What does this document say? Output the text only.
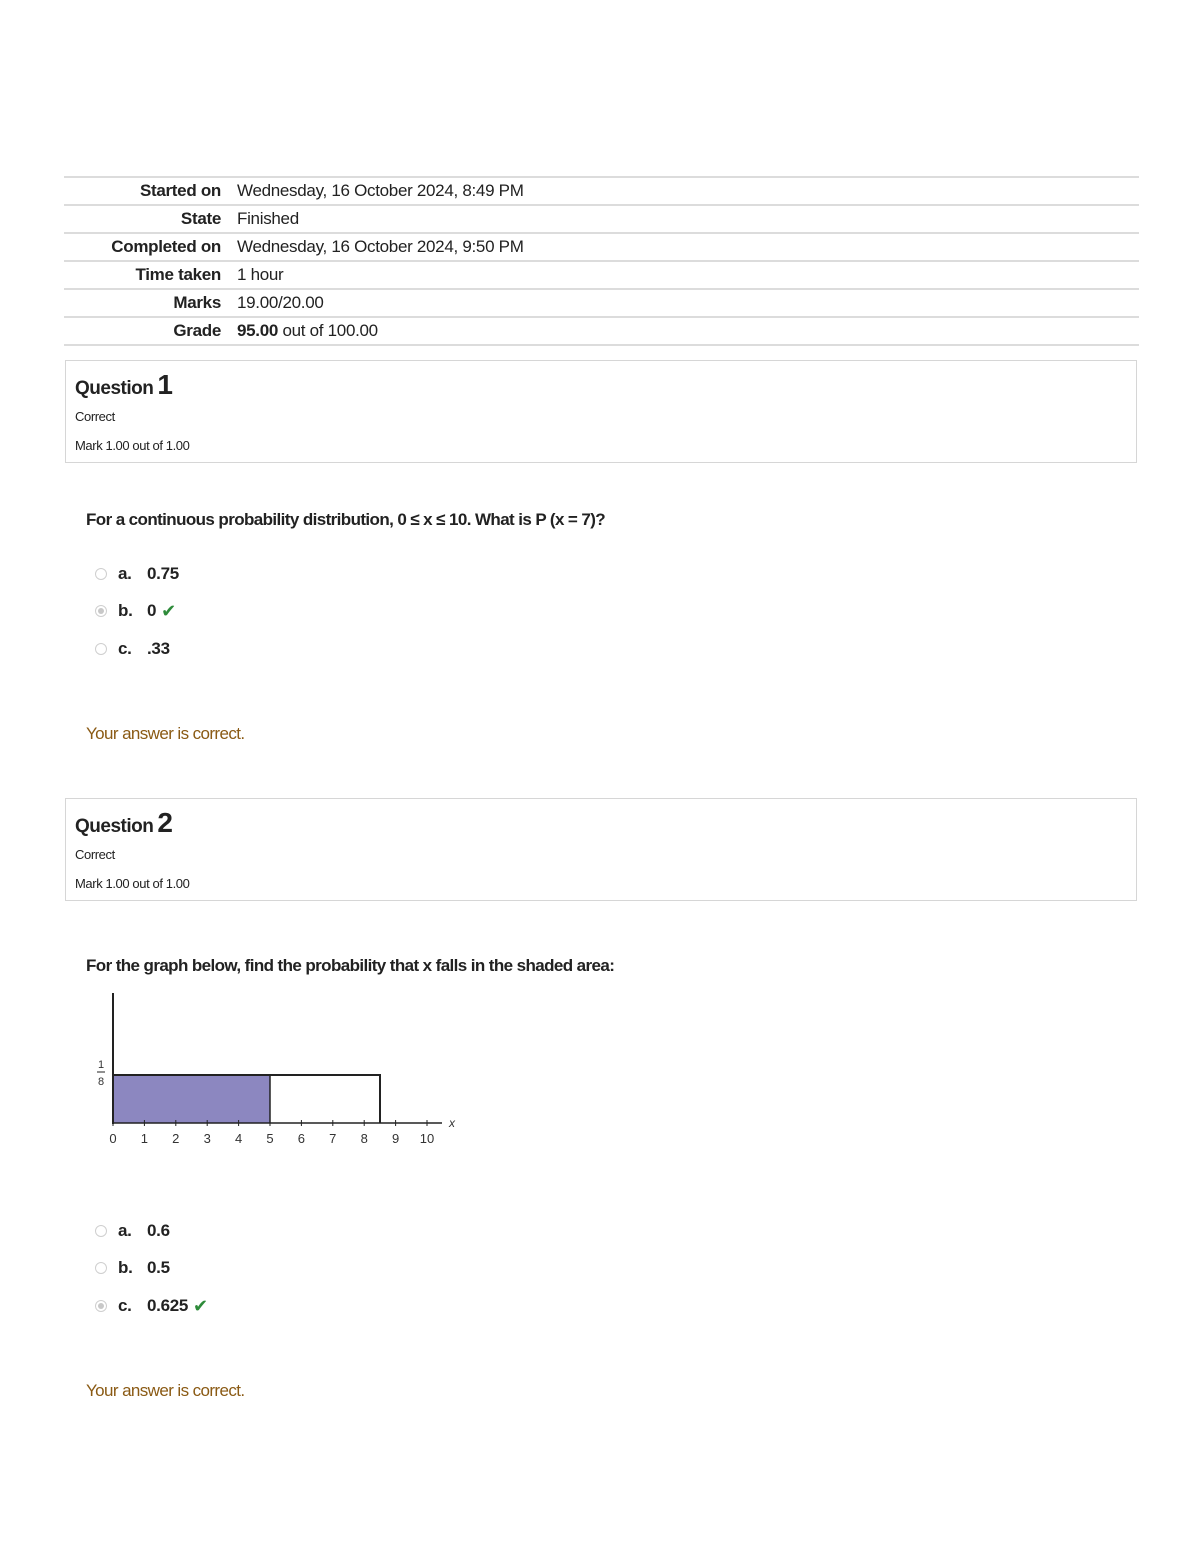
Started on	Wednesday, 16 October 2024, 8:49 PM
State	Finished
Completed on	Wednesday, 16 October 2024, 9:50 PM
Time taken	1 hour
Marks	19.00/20.00
Grade	95.00 out of 100.00
Question 1
Correct
Mark 1.00 out of 1.00
For a continuous probability distribution, 0 ≤ x ≤ 10. What is P (x = 7)?
a. 0.75
b. 0 ✔
c. .33
Your answer is correct.
Question 2
Correct
Mark 1.00 out of 1.00
For the graph below, find the probability that x falls in the shaded area:
x
1
8
0 1 2 3 4 5 6 7 8 9 10
a. 0.6
b. 0.5
c. 0.625 ✔
Your answer is correct.
